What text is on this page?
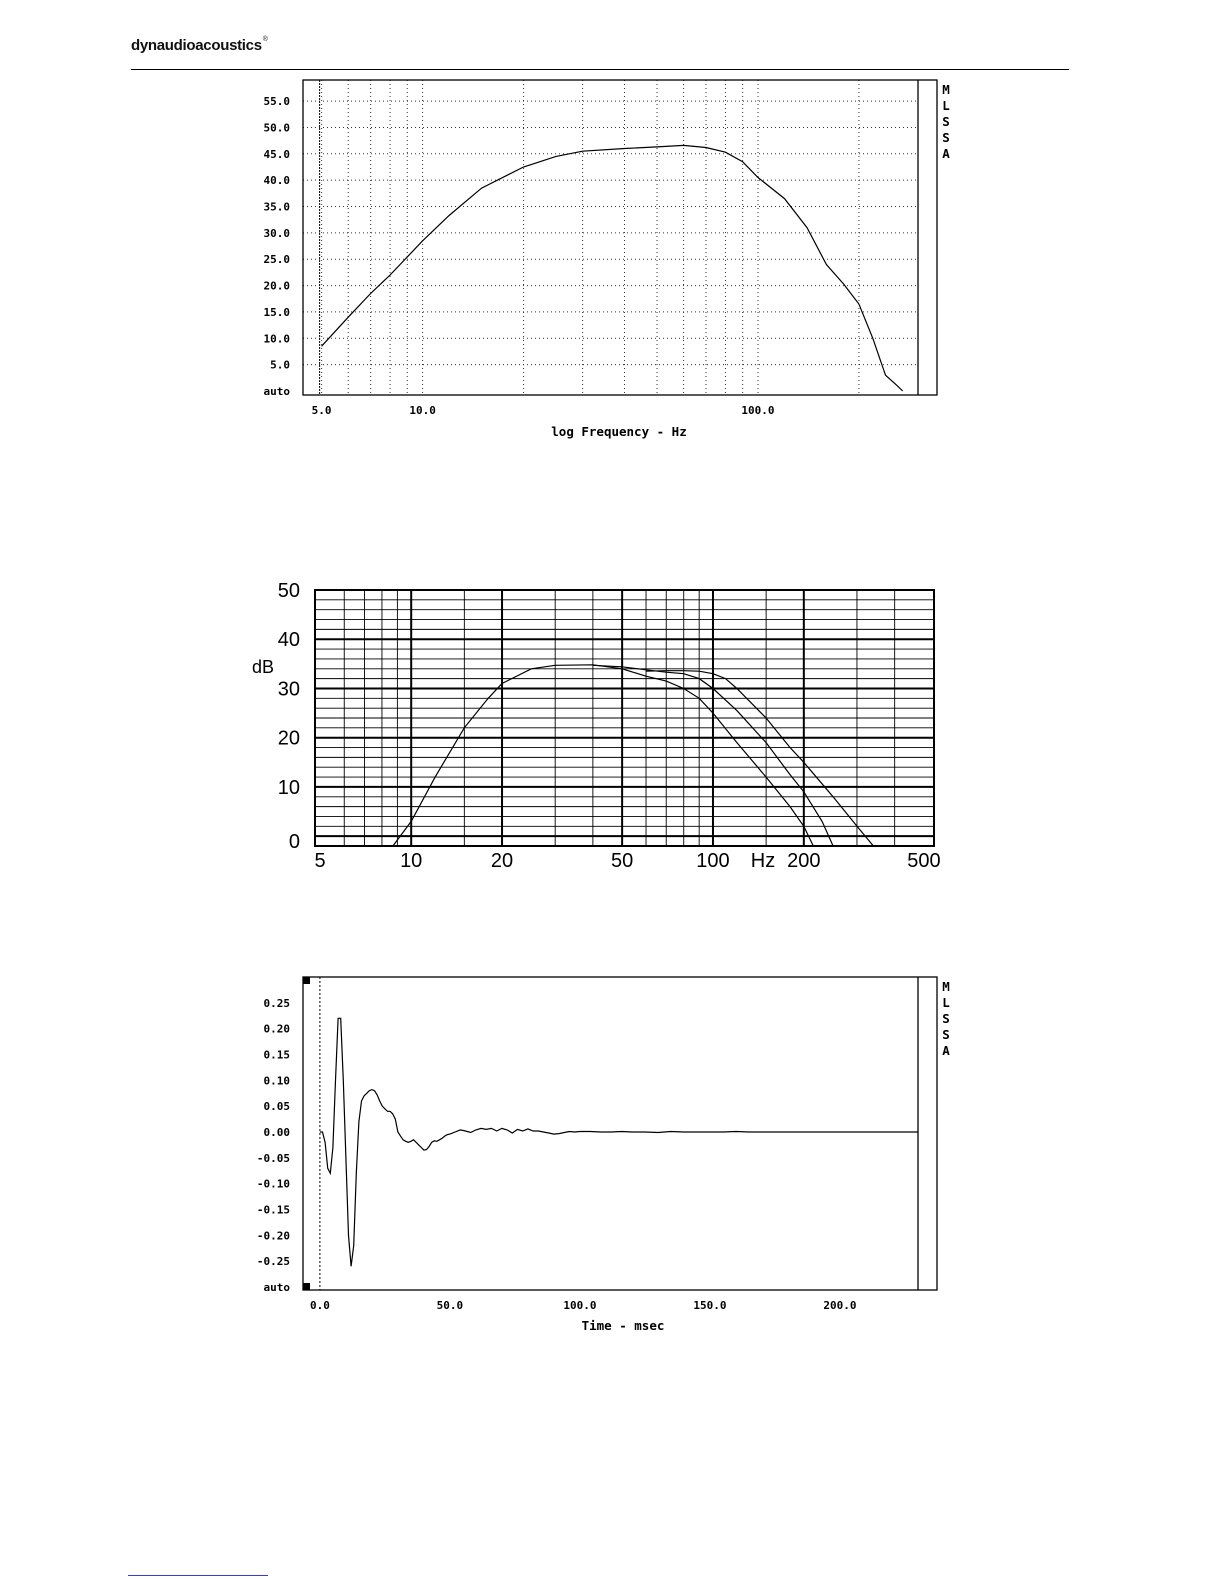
dynaudioacoustics®
auto
5.0
10.0
15.0
20.0
25.0
30.0
35.0
40.0
45.0
50.0
55.0
5.0	10.0	100.0
log Frequency - Hz
M
L
S
S
A
0
10
20
30
40
50
dB
5	10	20	50	100	200	500
Hz
auto
-0.25
-0.20
-0.15
-0.10
-0.05
0.00
0.05
0.10
0.15
0.20
0.25
0.0	50.0	100.0	150.0	200.0
Time - msec
M
L
S
S
A
